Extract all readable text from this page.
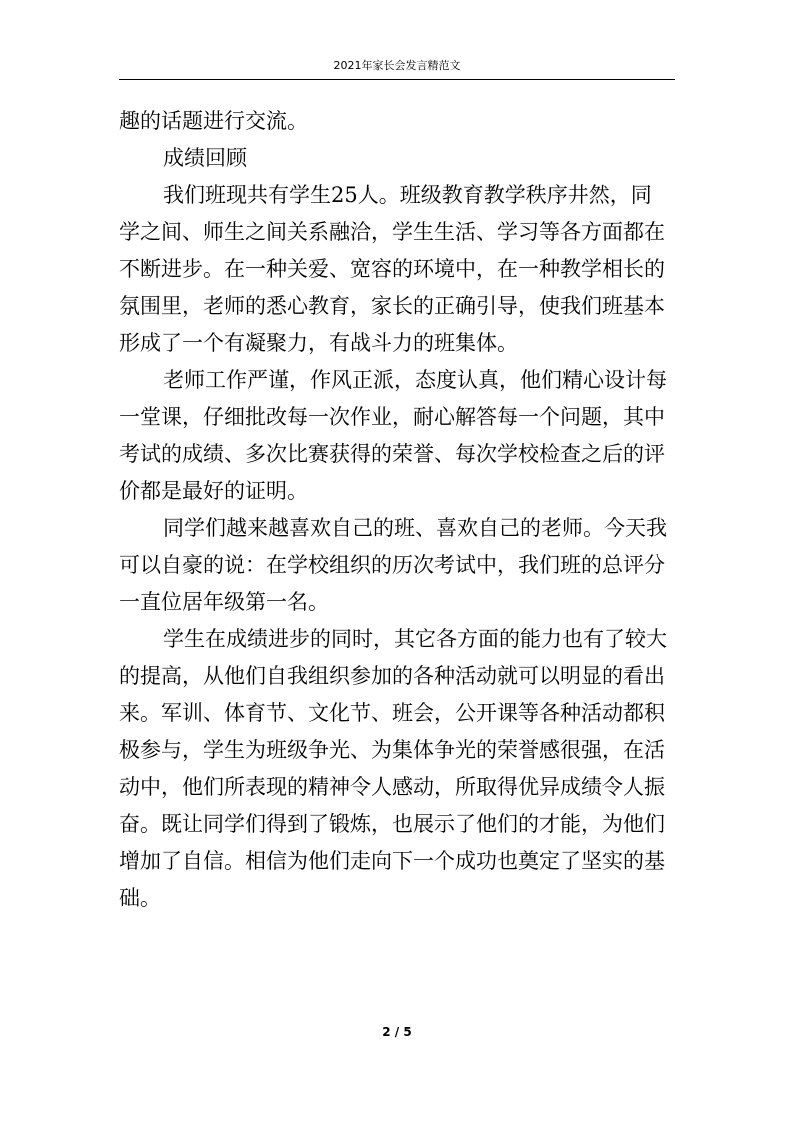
2021年家长会发言精范文
趣的话题进行交流。
成绩回顾
我们班现共有学生25人。班级教育教学秩序井然，同
学之间、师生之间关系融洽，学生生活、学习等各方面都在
不断进步。在一种关爱、宽容的环境中，在一种教学相长的
氛围里，老师的悉心教育，家长的正确引导，使我们班基本
形成了一个有凝聚力，有战斗力的班集体。
老师工作严谨，作风正派，态度认真，他们精心设计每
一堂课，仔细批改每一次作业，耐心解答每一个问题，其中
考试的成绩、多次比赛获得的荣誉、每次学校检查之后的评
价都是最好的证明。
同学们越来越喜欢自己的班、喜欢自己的老师。今天我
可以自豪的说：在学校组织的历次考试中，我们班的总评分
一直位居年级第一名。
学生在成绩进步的同时，其它各方面的能力也有了较大
的提高，从他们自我组织参加的各种活动就可以明显的看出
来。军训、体育节、文化节、班会，公开课等各种活动都积
极参与，学生为班级争光、为集体争光的荣誉感很强，在活
动中，他们所表现的精神令人感动，所取得优异成绩令人振
奋。既让同学们得到了锻炼，也展示了他们的才能，为他们
增加了自信。相信为他们走向下一个成功也奠定了坚实的基
础。
2 / 5
